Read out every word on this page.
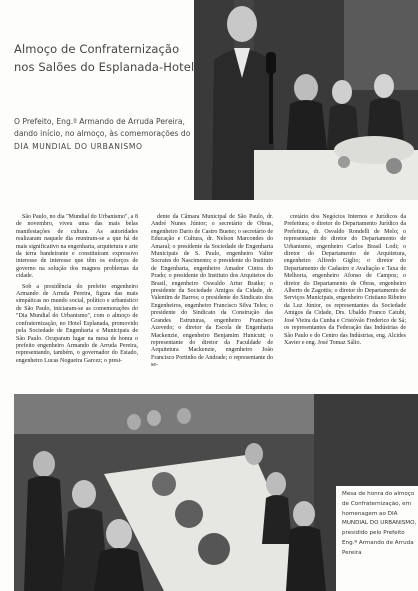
Almoço de Confraternização
nos Salões do Esplanada-Hotel

O Prefeito, Eng.º Armando de Arruda Pereira, dando início, no almoço, às comemorações do DIA MUNDIAL DO URBANISMO

São Paulo, no dia "Mundial do Urbanismo", a 8 de novembro, viveu uma das mais belas manifestações de cultura. As autoridades realizaram naquele dia reuniram-se a que há de mais significativo na engenharia, arquitetura e arte da terra bandeirante e constituíram expressivo interesse de interesse que têm os esforços de governo na solução dos magnos problemas da cidade.

Sob a presidência do prefeito engenheiro Armando de Arruda Pereira, figura das mais simpáticas no mundo social, político e urbanístico de São Paulo, iniciaram-se as comemorações do "Dia Mundial do Urbanismo", com o almoço de confraternização, no Hotel Esplanada, promovido pela Sociedade de Engenharia e Municipais de São Paulo. Ocuparam lugar na mesa de honra o prefeito engenheiro Armando de Arruda Pereira, representando, também, o governador do Estado, engenheiro Lucas Nogueira Garcez; o presi-

dente da Câmara Municipal de São Paulo, dr. André Nunes Júnior; o secretário de Obras, engenheiro Dario de Castro Bueno; o secretário de Educação e Cultura, dr. Nelson Marcondes do Amaral; o presidente da Sociedade de Engenharia Municipais de S. Paulo, engenheiro Valter Socrates do Nascimento; o presidente do Instituto de Engenharia, engenheiro Amador Cintra do Prado; o presidente do Instituto dos Arquitetos do Brasil, engenheiro Oswaldo Artur Bratke; o presidente da Sociedade Amigos da Cidade, dr. Valentim de Barros; o presidente do Sindicato dos Engenheiros, engenheiro Francisco Silva Teles; o presidente do Sindicato da Construção das Grandes Estruturas, engenheiro Francisco Azevedo; o diretor da Escola de Engenharia Mackenzie, engenheiro Benjamim Hunicutt; o representante do diretor da Faculdade de Arquitetura Mackenzie, engenheiro João Francisco Portinho de Andrade; o representante do se-

cretário dos Negócios Internos e Jurídicos da Prefeitura; o diretor do Departamento Jurídico da Prefeitura, dr. Osvaldo Rondelli de Melo; o representante do diretor do Departamento de Urbanismo, engenheiro Carlos Brasil Lodi; o diretor do Departamento de Arquitetura, engenheiro Alfredo Giglio; o diretor do Departamento de Cadastro e Avaliação e Taxa de Melhoria, engenheiro Afonso de Campos; o diretor do Departamento de Obras, engenheiro Alberto de Zagottis; o diretor do Departamento de Serviços Municipais, engenheiro Cristiano Ribeiro da Luz Júnior, os representantes da Sociedade Amigos da Cidade, Drs. Ubaldo Franco Caiubi, José Vieira da Cunha e Cristóvão Frederico de Sá; os representantes da Federação das Indústrias de São Paulo e do Centro das Indústrias, eng. Alcides Xavier e eng. José Tomaz Sálio.

Mesa de honra do almoço de Confraternização, em homenagem ao DIA MUNDIAL DO URBANISMO, presidido pelo Prefeito Eng.º Armando de Arruda Pereira
